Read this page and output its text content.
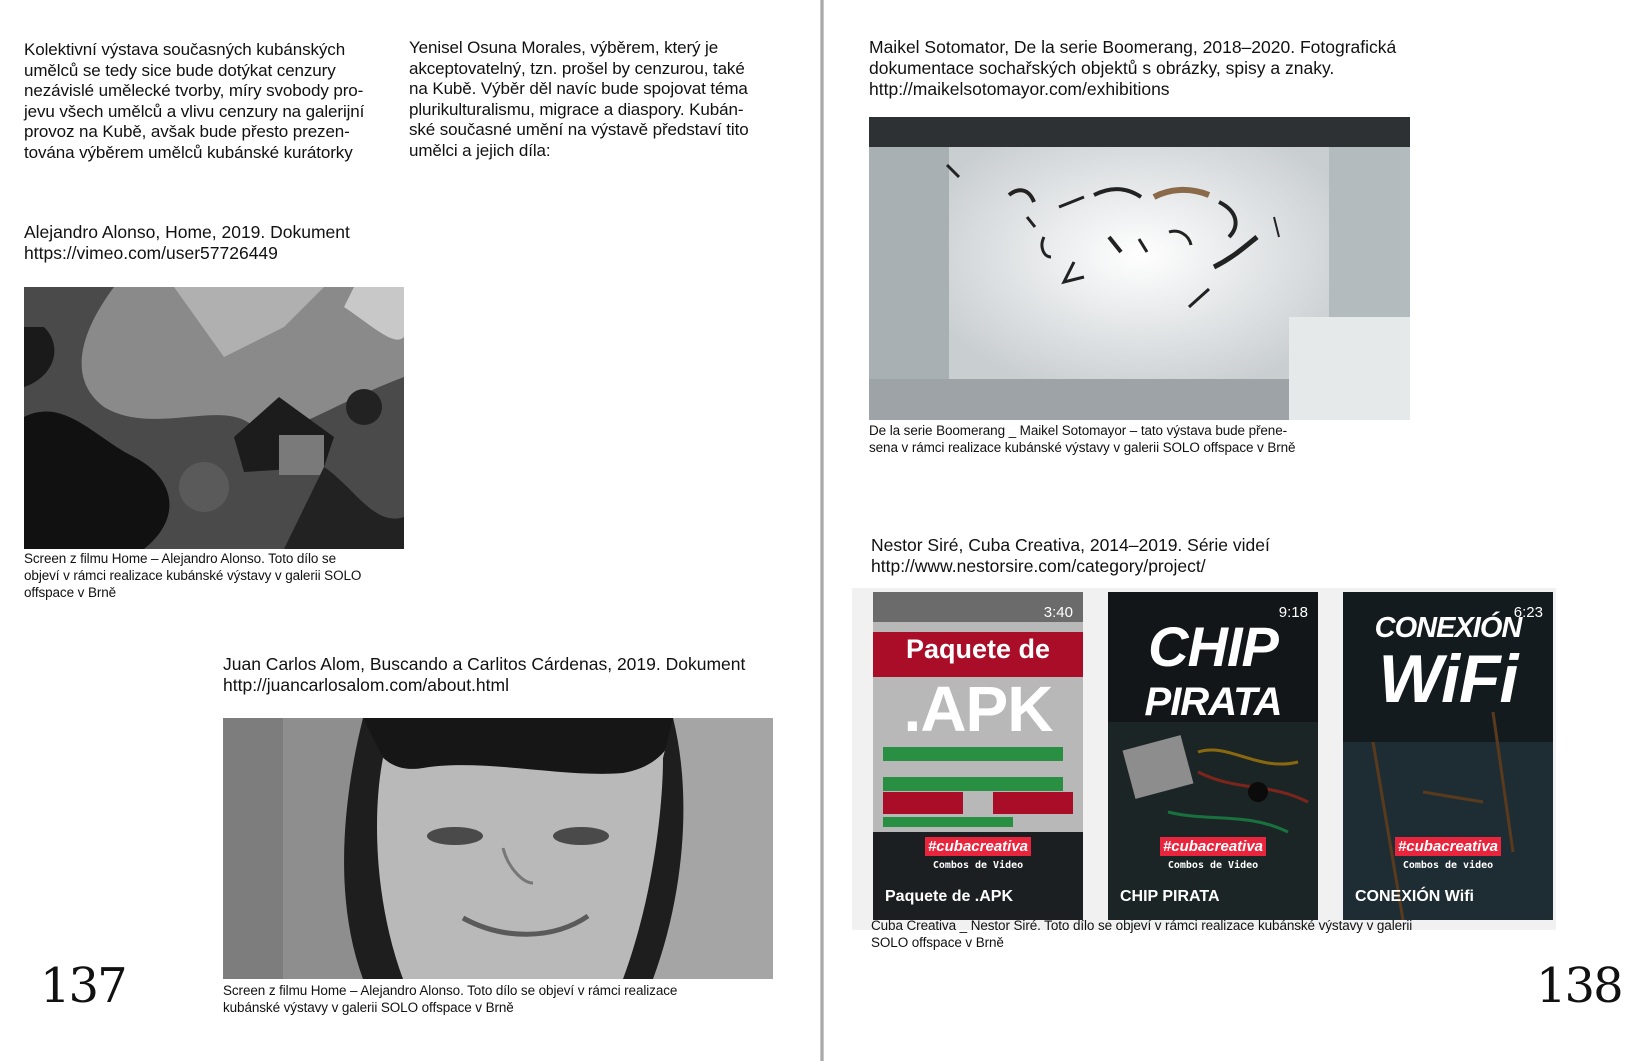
Kolektivní výstava současných kubánských
umělců se tedy sice bude dotýkat cenzury
nezávislé umělecké tvorby, míry svobody pro-
jevu všech umělců a vlivu cenzury na galerijní
provoz na Kubě, avšak bude přesto prezen-
tována výběrem umělců kubánské kurátorky
Yenisel Osuna Morales, výběrem, který je
akceptovatelný, tzn. prošel by cenzurou, také
na Kubě. Výběr děl navíc bude spojovat téma
plurikulturalismu, migrace a diaspory. Kubán-
ské současné umění na výstavě představí tito
umělci a jejich díla:
Alejandro Alonso, Home, 2019. Dokument
https://vimeo.com/user57726449
Screen z filmu Home – Alejandro Alonso. Toto dílo se
objeví v rámci realizace kubánské výstavy v galerii SOLO
offspace v Brně
Juan Carlos Alom, Buscando a Carlitos Cárdenas, 2019. Dokument
http://juancarlosalom.com/about.html
Screen z filmu Home – Alejandro Alonso. Toto dílo se objeví v rámci realizace
kubánské výstavy v galerii SOLO offspace v Brně
137
Maikel Sotomator, De la serie Boomerang, 2018–2020. Fotografická
dokumentace sochařských objektů s obrázky, spisy a znaky.
http://maikelsotomayor.com/exhibitions
De la serie Boomerang _ Maikel Sotomayor – tato výstava bude přene-
sena v rámci realizace kubánské výstavy v galerii SOLO offspace v Brně
Nestor Siré, Cuba Creativa, 2014–2019. Série videí
http://www.nestorsire.com/category/project/
3:40
Paquete de
.APK
#cubacreativa
Combos de Video
Paquete de .APK
9:18
CHIP
PIRATA
#cubacreativa
Combos de Video
CHIP PIRATA
6:23
CONEXIÓN
WiFi
#cubacreativa
Combos de video
CONEXIÓN Wifi
Cuba Creativa _ Nestor Siré. Toto dílo se objeví v rámci realizace kubánské výstavy v galerii
SOLO offspace v Brně
138
